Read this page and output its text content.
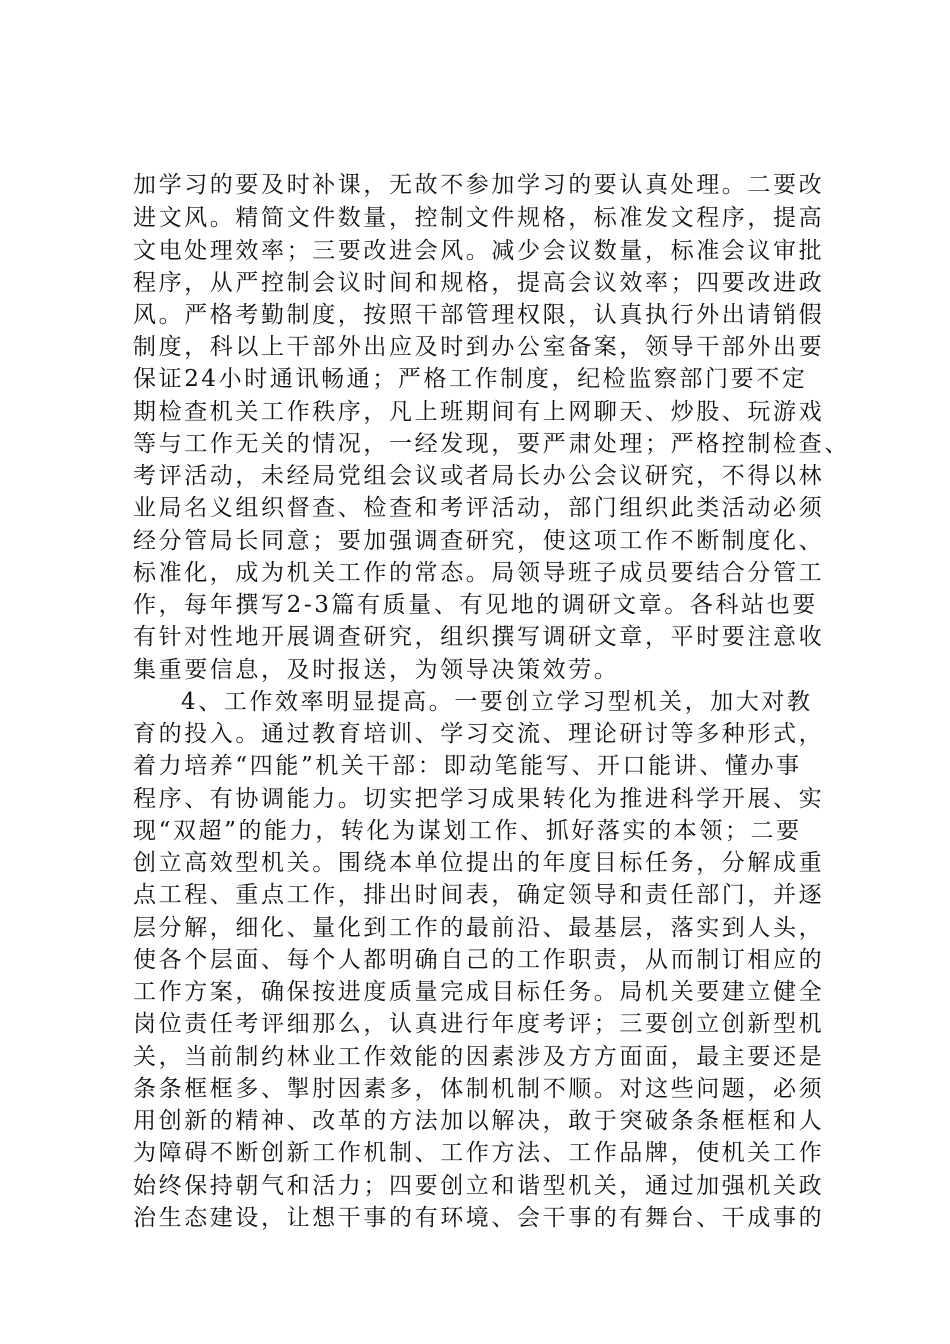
加学习的要及时补课，无故不参加学习的要认真处理。二要改

进文风。精简文件数量，控制文件规格，标准发文程序，提高

文电处理效率；三要改进会风。减少会议数量，标准会议审批

程序，从严控制会议时间和规格，提高会议效率；四要改进政

风。严格考勤制度，按照干部管理权限，认真执行外出请销假

制度，科以上干部外出应及时到办公室备案，领导干部外出要

保证24小时通讯畅通；严格工作制度，纪检监察部门要不定

期检查机关工作秩序，凡上班期间有上网聊天、炒股、玩游戏

等与工作无关的情况，一经发现，要严肃处理；严格控制检查、

考评活动，未经局党组会议或者局长办公会议研究，不得以林

业局名义组织督查、检查和考评活动，部门组织此类活动必须

经分管局长同意；要加强调查研究，使这项工作不断制度化、

标准化，成为机关工作的常态。局领导班子成员要结合分管工

作，每年撰写2-3篇有质量、有见地的调研文章。各科站也要

有针对性地开展调查研究，组织撰写调研文章，平时要注意收

集重要信息，及时报送，为领导决策效劳。

4、工作效率明显提高。一要创立学习型机关，加大对教

育的投入。通过教育培训、学习交流、理论研讨等多种形式，

着力培养“四能”机关干部：即动笔能写、开口能讲、懂办事

程序、有协调能力。切实把学习成果转化为推进科学开展、实

现“双超”的能力，转化为谋划工作、抓好落实的本领；二要

创立高效型机关。围绕本单位提出的年度目标任务，分解成重

点工程、重点工作，排出时间表，确定领导和责任部门，并逐

层分解，细化、量化到工作的最前沿、最基层，落实到人头，

使各个层面、每个人都明确自己的工作职责，从而制订相应的

工作方案，确保按进度质量完成目标任务。局机关要建立健全

岗位责任考评细那么，认真进行年度考评；三要创立创新型机

关，当前制约林业工作效能的因素涉及方方面面，最主要还是

条条框框多、掣肘因素多，体制机制不顺。对这些问题，必须

用创新的精神、改革的方法加以解决，敢于突破条条框框和人

为障碍不断创新工作机制、工作方法、工作品牌，使机关工作

始终保持朝气和活力；四要创立和谐型机关，通过加强机关政

治生态建设，让想干事的有环境、会干事的有舞台、干成事的
